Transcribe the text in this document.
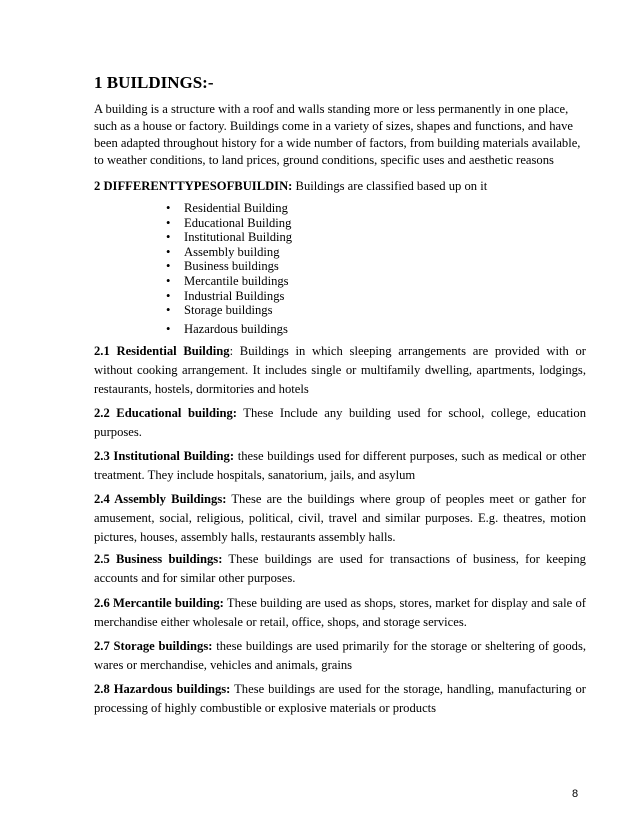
1 BUILDINGS:-

A building is a structure with a roof and walls standing more or less permanently in one place, such as a house or factory. Buildings come in a variety of sizes, shapes and functions, and have been adapted throughout history for a wide number of factors, from building materials available, to weather conditions, to land prices, ground conditions, specific uses and aesthetic reasons

2 DIFFERENTTYPESOFBUILDIN: Buildings are classified based up on it

• Residential Building
• Educational Building
• Institutional Building
• Assembly building
• Business buildings
• Mercantile buildings
• Industrial Buildings
• Storage buildings
• Hazardous buildings

2.1 Residential Building: Buildings in which sleeping arrangements are provided with or without cooking arrangement. It includes single or multifamily dwelling, apartments, lodgings, restaurants, hostels, dormitories and hotels

2.2 Educational building: These Include any building used for school, college, education purposes.

2.3 Institutional Building: these buildings used for different purposes, such as medical or other treatment. They include hospitals, sanatorium, jails, and asylum

2.4 Assembly Buildings: These are the buildings where group of peoples meet or gather for amusement, social, religious, political, civil, travel and similar purposes. E.g. theatres, motion pictures, houses, assembly halls, restaurants assembly halls.

2.5 Business buildings: These buildings are used for transactions of business, for keeping accounts and for similar other purposes.

2.6 Mercantile building: These building are used as shops, stores, market for display and sale of merchandise either wholesale or retail, office, shops, and storage services.

2.7 Storage buildings: these buildings are used primarily for the storage or sheltering of goods, wares or merchandise, vehicles and animals, grains

2.8 Hazardous buildings: These buildings are used for the storage, handling, manufacturing or processing of highly combustible or explosive materials or products

8
